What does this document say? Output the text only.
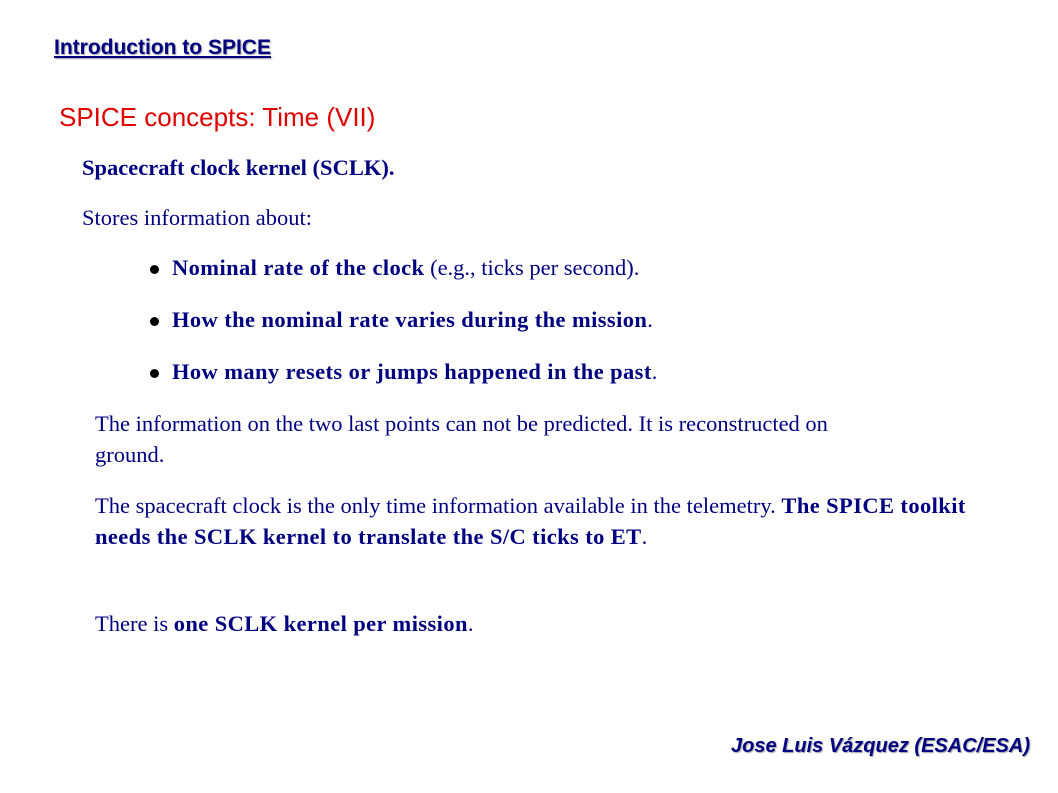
Introduction to SPICE
SPICE concepts: Time (VII)
Spacecraft clock kernel (SCLK).
Stores information about:
Nominal rate of the clock (e.g., ticks per second).
How the nominal rate varies during the mission.
How many resets or jumps happened in the past.
The information on the two last points can not be predicted. It is reconstructed on ground.
The spacecraft clock is the only time information available in the telemetry. The SPICE toolkit needs the SCLK kernel to translate the S/C ticks to ET.
There is one SCLK kernel per mission.
Jose Luis Vázquez (ESAC/ESA)
